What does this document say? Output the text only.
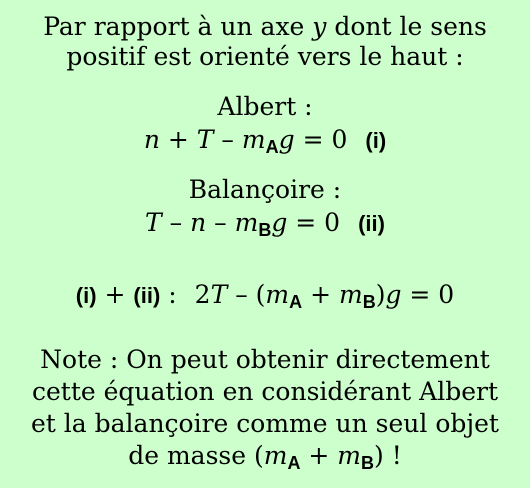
Par rapport à un axe y dont le sens
positif est orienté vers le haut :
Albert :
$n + T - m_Ag = 0$ (i)
Balançoire :
$T - n - m_Bg = 0$ (ii)
(i) + (ii) : $2T - (m_A + m_B)g = 0$
Note : On peut obtenir directement
cette équation en considérant Albert
et la balançoire comme un seul objet
de masse $(m_A + m_B)$ !
